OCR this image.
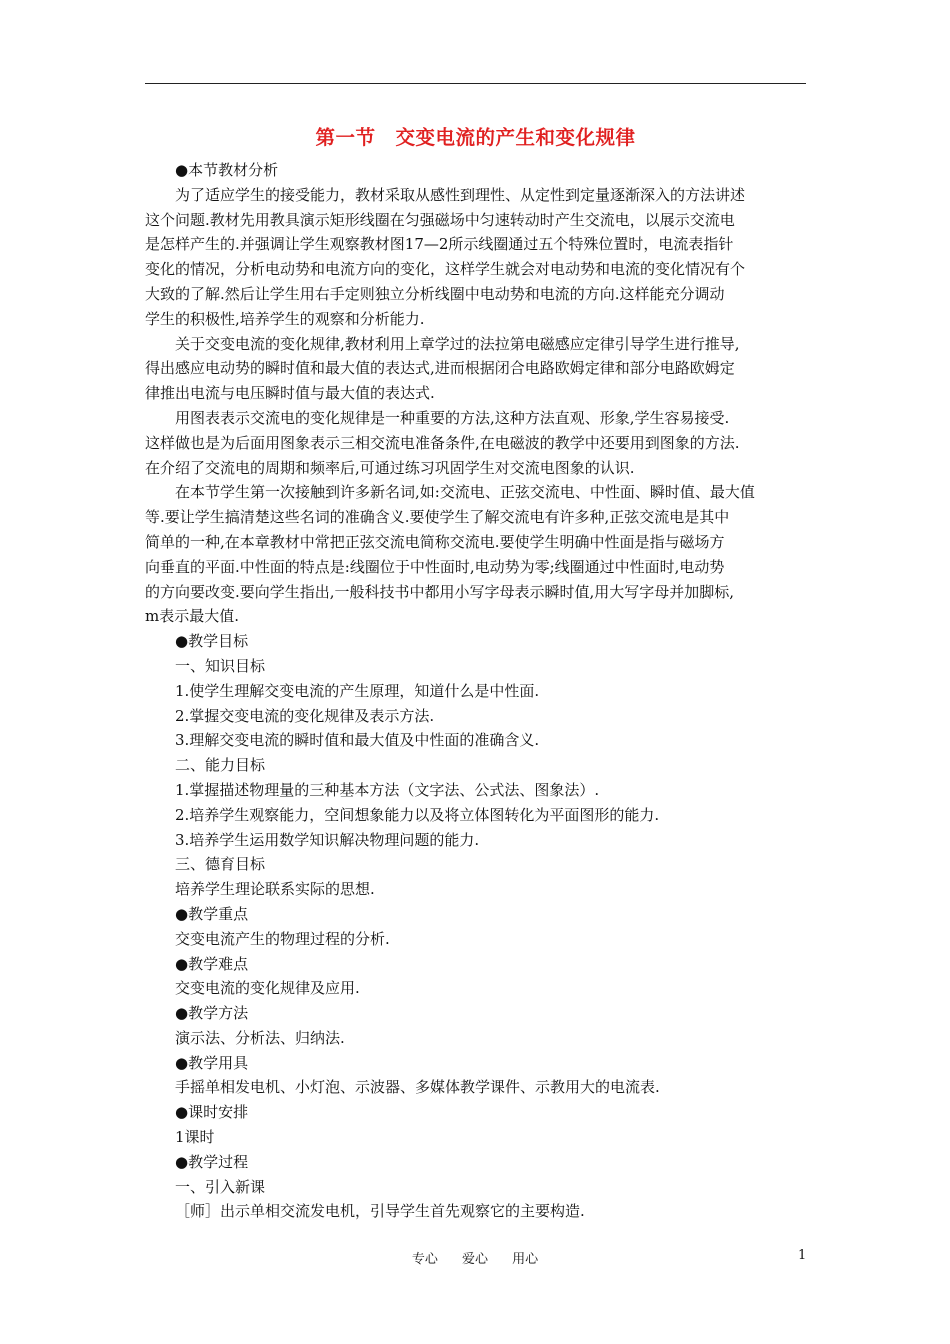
第一节　交变电流的产生和变化规律
●本节教材分析
为了适应学生的接受能力，教材采取从感性到理性、从定性到定量逐渐深入的方法讲述
这个问题.教材先用教具演示矩形线圈在匀强磁场中匀速转动时产生交流电，以展示交流电
是怎样产生的.并强调让学生观察教材图17—2所示线圈通过五个特殊位置时，电流表指针
变化的情况，分析电动势和电流方向的变化，这样学生就会对电动势和电流的变化情况有个
大致的了解.然后让学生用右手定则独立分析线圈中电动势和电流的方向.这样能充分调动
学生的积极性,培养学生的观察和分析能力.
关于交变电流的变化规律,教材利用上章学过的法拉第电磁感应定律引导学生进行推导,
得出感应电动势的瞬时值和最大值的表达式,进而根据闭合电路欧姆定律和部分电路欧姆定
律推出电流与电压瞬时值与最大值的表达式.
用图表表示交流电的变化规律是一种重要的方法,这种方法直观、形象,学生容易接受.
这样做也是为后面用图象表示三相交流电准备条件,在电磁波的教学中还要用到图象的方法.
在介绍了交流电的周期和频率后,可通过练习巩固学生对交流电图象的认识.
在本节学生第一次接触到许多新名词,如:交流电、正弦交流电、中性面、瞬时值、最大值
等.要让学生搞清楚这些名词的准确含义.要使学生了解交流电有许多种,正弦交流电是其中
简单的一种,在本章教材中常把正弦交流电简称交流电.要使学生明确中性面是指与磁场方
向垂直的平面.中性面的特点是:线圈位于中性面时,电动势为零;线圈通过中性面时,电动势
的方向要改变.要向学生指出,一般科技书中都用小写字母表示瞬时值,用大写字母并加脚标,
m表示最大值.
●教学目标
一、知识目标
1.使学生理解交变电流的产生原理，知道什么是中性面.
2.掌握交变电流的变化规律及表示方法.
3.理解交变电流的瞬时值和最大值及中性面的准确含义.
二、能力目标
1.掌握描述物理量的三种基本方法（文字法、公式法、图象法）.
2.培养学生观察能力，空间想象能力以及将立体图转化为平面图形的能力.
3.培养学生运用数学知识解决物理问题的能力.
三、德育目标
培养学生理论联系实际的思想.
●教学重点
交变电流产生的物理过程的分析.
●教学难点
交变电流的变化规律及应用.
●教学方法
演示法、分析法、归纳法.
●教学用具
手摇单相发电机、小灯泡、示波器、多媒体教学课件、示教用大的电流表.
●课时安排
1课时
●教学过程
一、引入新课
［师］出示单相交流发电机，引导学生首先观察它的主要构造.
专心 爱心 用心	1
